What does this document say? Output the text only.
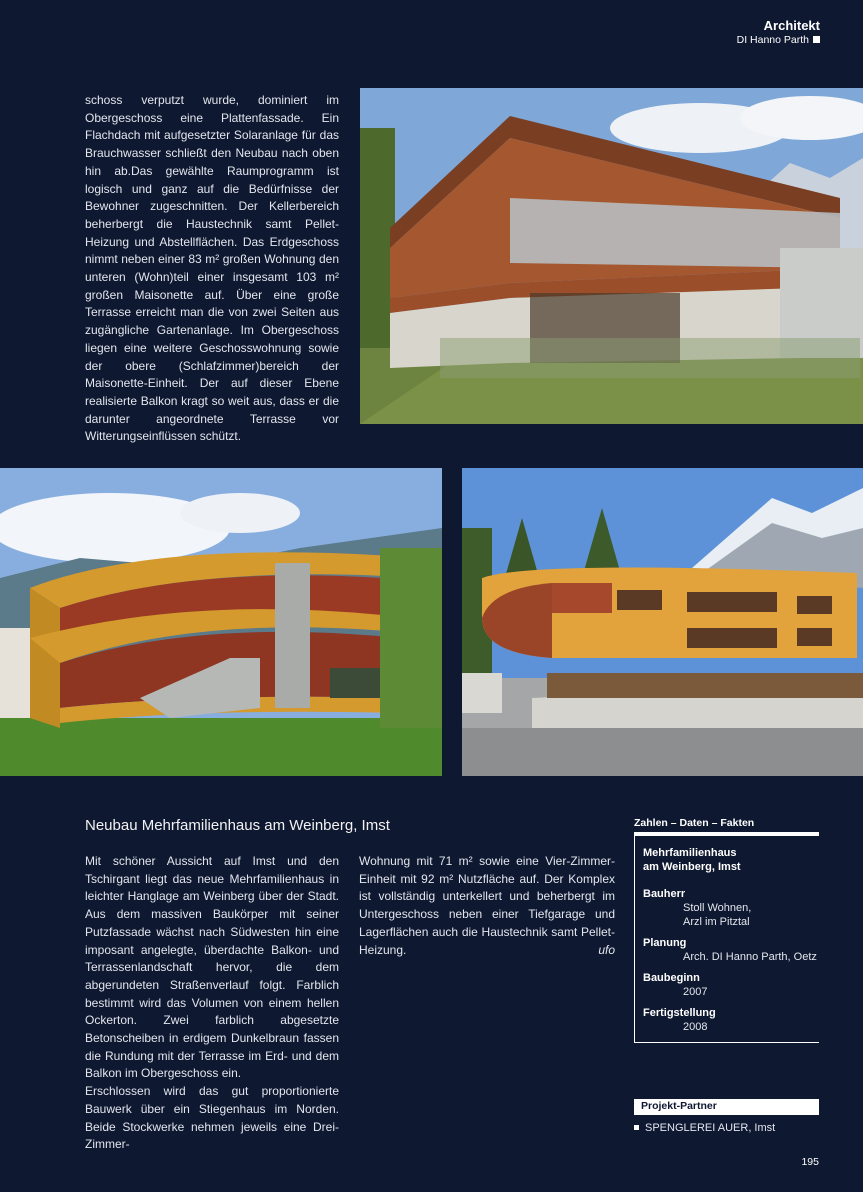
Architekt
DI Hanno Parth

schoss verputzt wurde, dominiert im Obergeschoss eine Plattenfassade. Ein Flachdach mit aufgesetzter Solaranlage für das Brauchwasser schließt den Neubau nach oben hin ab.Das gewählte Raumprogramm ist logisch und ganz auf die Bedürfnisse der Bewohner zugeschnitten. Der Kellerbereich beherbergt die Haustechnik samt Pellet-Heizung und Abstellflächen. Das Erdgeschoss nimmt neben einer 83 m² großen Wohnung den unteren (Wohn)teil einer insgesamt 103 m² großen Maisonette auf. Über eine große Terrasse erreicht man die von zwei Seiten aus zugängliche Gartenanlage. Im Obergeschoss liegen eine weitere Geschosswohnung sowie der obere (Schlafzimmer)bereich der Maisonette-Einheit. Der auf dieser Ebene realisierte Balkon kragt so weit aus, dass er die darunter angeordnete Terrasse vor Witterungseinflüssen schützt.

Neubau Mehrfamilienhaus am Weinberg, Imst

Mit schöner Aussicht auf Imst und den Tschirgant liegt das neue Mehrfamilienhaus in leichter Hanglage am Weinberg über der Stadt. Aus dem massiven Baukörper mit seiner Putzfassade wächst nach Südwesten hin eine imposant angelegte, überdachte Balkon- und Terrassenlandschaft hervor, die dem abgerundeten Straßenverlauf folgt. Farblich bestimmt wird das Volumen von einem hellen Ockerton. Zwei farblich abgesetzte Betonscheiben in erdigem Dunkelbraun fassen die Rundung mit der Terrasse im Erd- und dem Balkon im Obergeschoss ein.

Erschlossen wird das gut proportionierte Bauwerk über ein Stiegenhaus im Norden. Beide Stockwerke nehmen jeweils eine Drei-Zimmer-

Wohnung mit 71 m² sowie eine Vier-Zimmer-Einheit mit 92 m² Nutzfläche auf. Der Komplex ist vollständig unterkellert und beherbergt im Untergeschoss neben einer Tiefgarage und Lagerflächen auch die Haustechnik samt Pellet-Heizung.	ufo

Zahlen – Daten – Fakten
Mehrfamilienhaus
am Weinberg, Imst
Bauherr
Stoll Wohnen,
Arzl im Pitztal
Planung
Arch. DI Hanno Parth, Oetz
Baubeginn
2007
Fertigstellung
2008
Projekt-Partner
SPENGLEREI AUER, Imst
195
